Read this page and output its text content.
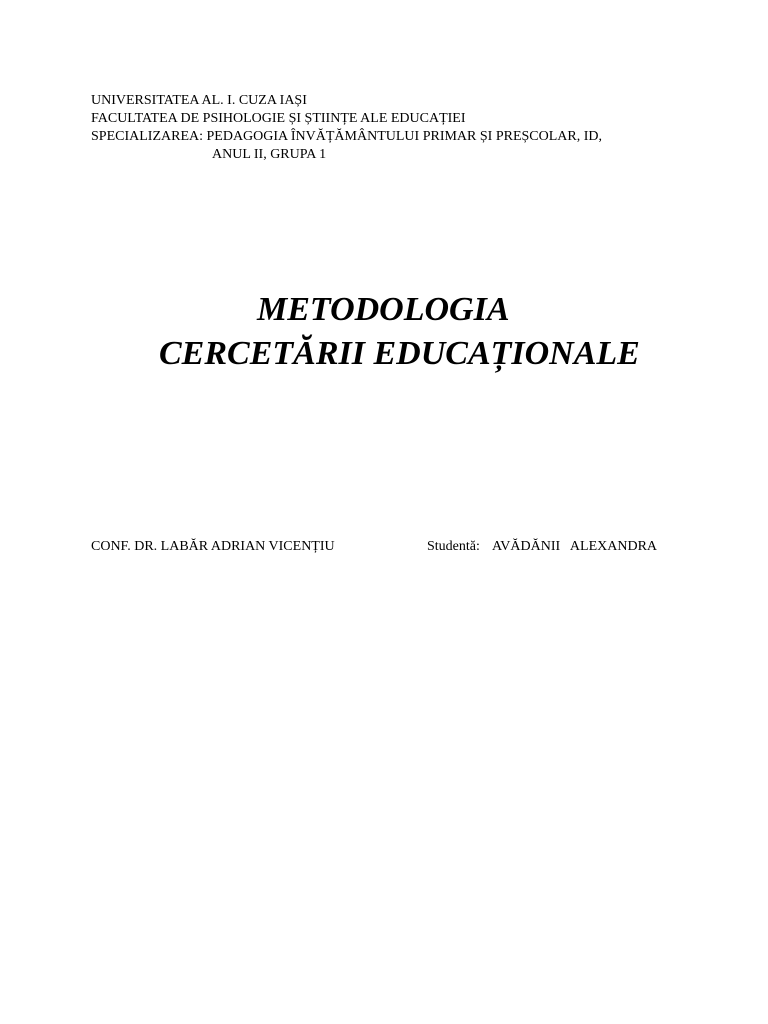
UNIVERSITATEA AL. I. CUZA IAȘI
FACULTATEA DE PSIHOLOGIE ȘI ȘTIINȚE ALE EDUCAȚIEI
SPECIALIZAREA: PEDAGOGIA ÎNVĂȚĂMÂNTULUI PRIMAR ȘI PREȘCOLAR, ID,
ANUL II, GRUPA 1
METODOLOGIA
CERCETĂRII EDUCAȚIONALE
CONF. DR. LABĂR ADRIAN VICENȚIU	Studentă: AVĂDĂNII   ALEXANDRA
